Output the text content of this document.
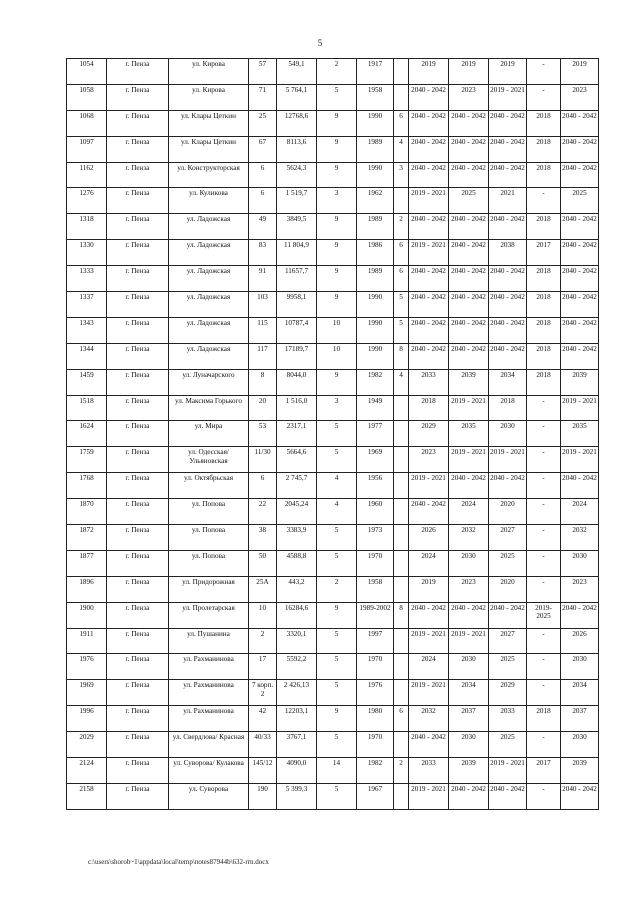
5
1054	г. Пенза	ул. Кирова	57	549,1	2	1917		2019	2019	2019	-	2019
1058	г. Пенза	ул. Кирова	71	5 764,1	5	1958		2040 - 2042	2023	2019 - 2021	-	2023
1068	г. Пенза	ул. Клары Цеткин	25	12768,6	9	1990	6	2040 - 2042	2040 - 2042	2040 - 2042	2018	2040 - 2042
1097	г. Пенза	ул. Клары Цеткин	67	8113,6	9	1989	4	2040 - 2042	2040 - 2042	2040 - 2042	2018	2040 - 2042
1162	г. Пенза	ул. Конструкторская	6	5624,3	9	1990	3	2040 - 2042	2040 - 2042	2040 - 2042	2018	2040 - 2042
1276	г. Пенза	ул. Куликова	6	1 519,7	3	1962		2019 - 2021	2025	2021	-	2025
1318	г. Пенза	ул. Ладожская	49	3849,5	9	1989	2	2040 - 2042	2040 - 2042	2040 - 2042	2018	2040 - 2042
1330	г. Пенза	ул. Ладожская	83	11 804,9	9	1986	6	2019 - 2021	2040 - 2042	2038	2017	2040 - 2042
1333	г. Пенза	ул. Ладожская	91	11657,7	9	1989	6	2040 - 2042	2040 - 2042	2040 - 2042	2018	2040 - 2042
1337	г. Пенза	ул. Ладожская	103	9958,1	9	1990	5	2040 - 2042	2040 - 2042	2040 - 2042	2018	2040 - 2042
1343	г. Пенза	ул. Ладожская	115	10787,4	10	1990	5	2040 - 2042	2040 - 2042	2040 - 2042	2018	2040 - 2042
1344	г. Пенза	ул. Ладожская	117	17189,7	10	1990	8	2040 - 2042	2040 - 2042	2040 - 2042	2018	2040 - 2042
1459	г. Пенза	ул. Луначарского	8	8044,0	9	1982	4	2033	2039	2034	2018	2039
1518	г. Пенза	ул. Максима Горького	20	1 516,0	3	1949		2018	2019 - 2021	2018	-	2019 - 2021
1624	г. Пенза	ул. Мира	53	2317,1	5	1977		2029	2035	2030	-	2035
1759	г. Пенза	ул. Одесская/ Ульяновская	11/30	5664,6	5	1969		2023	2019 - 2021	2019 - 2021	-	2019 - 2021
1768	г. Пенза	ул. Октябрьская	6	2 745,7	4	1956		2019 - 2021	2040 - 2042	2040 - 2042	-	2040 - 2042
1870	г. Пенза	ул. Попова	22	2045,24	4	1960		2040 - 2042	2024	2020	-	2024
1872	г. Пенза	ул. Попова	38	3383,9	5	1973		2026	2032	2027	-	2032
1877	г. Пенза	ул. Попова	50	4588,8	5	1970		2024	2030	2025	-	2030
1896	г. Пенза	ул. Придорожная	25А	443,2	2	1958		2019	2023	2020	-	2023
1900	г. Пенза	ул. Пролетарская	10	16284,6	9	1989-2002	8	2040 - 2042	2040 - 2042	2040 - 2042	2019-2025	2040 - 2042
1911	г. Пенза	ул. Пушанина	2	3320,1	5	1997		2019 - 2021	2019 - 2021	2027	-	2026
1976	г. Пенза	ул. Рахманинова	17	5592,2	5	1970		2024	2030	2025	-	2030
1969	г. Пенза	ул. Рахманинова	7 корп. 2	2 426,13	5	1976		2019 - 2021	2034	2029	-	2034
1996	г. Пенза	ул. Рахманинова	42	12203,1	9	1980	6	2032	2037	2033	2018	2037
2029	г. Пенза	ул. Свердлова/ Красная	40/33	3767,1	5	1970		2040 - 2042	2030	2025	-	2030
2124	г. Пенза	ул. Суворова/ Кулакова	145/12	4090,0	14	1982	2	2033	2039	2019 - 2021	2017	2039
2158	г. Пенза	ул. Суворова	190	5 399,3	5	1967		2019 - 2021	2040 - 2042	2040 - 2042	-	2040 - 2042
c:\users\shorob~1\appdata\local\temp\notes87944b\632-rrn.docx
